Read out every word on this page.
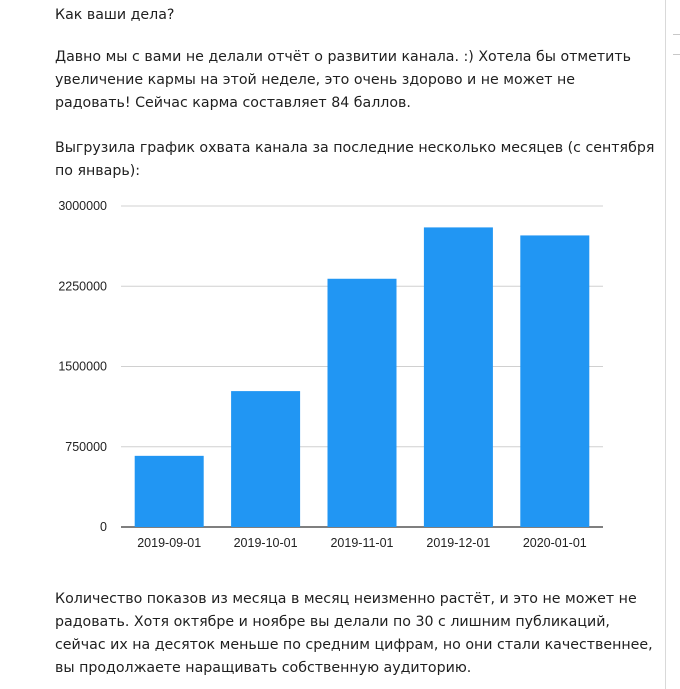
Как ваши дела?

Давно мы с вами не делали отчёт о развитии канала. :) Хотела бы отметить увеличение кармы на этой неделе, это очень здорово и не может не радовать! Сейчас карма составляет 84 баллов.

Выгрузила график охвата канала за последние несколько месяцев (с сентября по январь):

0
750000
1500000
2250000
3000000
2019-09-01	2019-10-01	2019-11-01	2019-12-01	2020-01-01

Количество показов из месяца в месяц неизменно растёт, и это не может не радовать. Хотя октябре и ноябре вы делали по 30 с лишним публикаций, сейчас их на десяток меньше по средним цифрам, но они стали качественнее, вы продолжаете наращивать собственную аудиторию.
